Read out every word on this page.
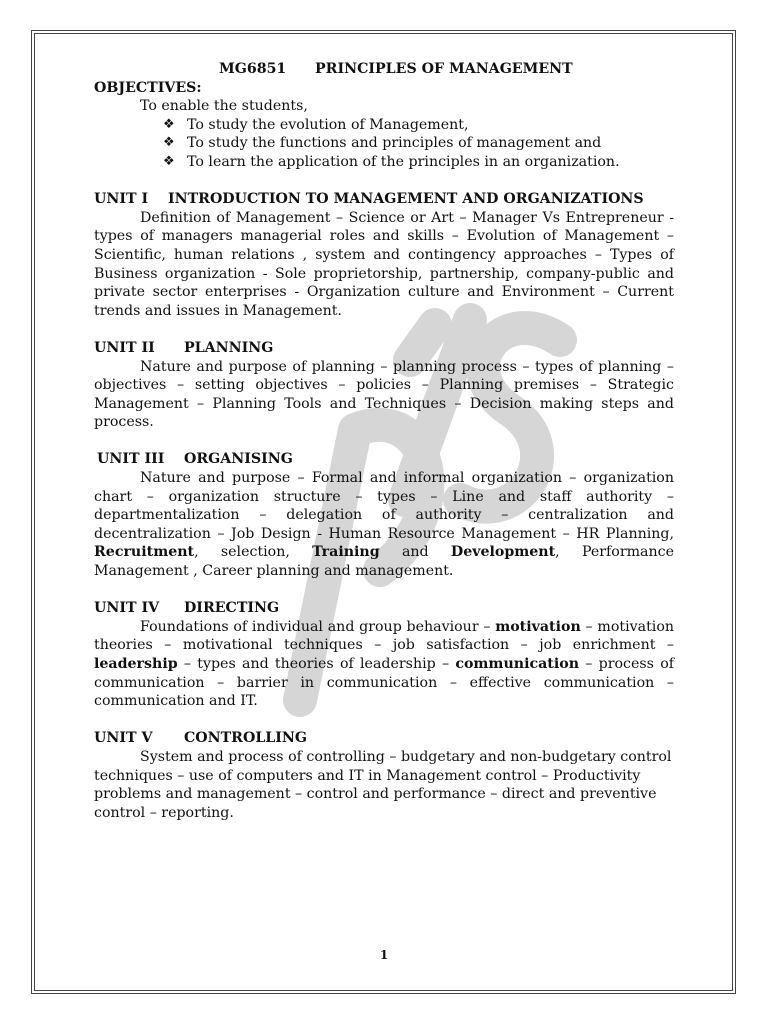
MG6851 PRINCIPLES OF MANAGEMENT
OBJECTIVES:
To enable the students,
❖ To study the evolution of Management,
❖ To study the functions and principles of management and
❖ To learn the application of the principles in an organization.
UNIT I INTRODUCTION TO MANAGEMENT AND ORGANIZATIONS
Definition of Management – Science or Art – Manager Vs Entrepreneur - types of managers managerial roles and skills – Evolution of Management – Scientific, human relations , system and contingency approaches – Types of Business organization - Sole proprietorship, partnership, company-public and private sector enterprises - Organization culture and Environment – Current trends and issues in Management.
UNIT II PLANNING
Nature and purpose of planning – planning process – types of planning – objectives – setting objectives – policies – Planning premises – Strategic Management – Planning Tools and Techniques – Decision making steps and process.
UNIT III ORGANISING
Nature and purpose – Formal and informal organization – organization chart – organization structure – types – Line and staff authority – departmentalization – delegation of authority – centralization and decentralization – Job Design - Human Resource Management – HR Planning, Recruitment, selection, Training and Development, Performance Management , Career planning and management.
UNIT IV DIRECTING
Foundations of individual and group behaviour – motivation – motivation theories – motivational techniques – job satisfaction – job enrichment – leadership – types and theories of leadership – communication – process of communication – barrier in communication – effective communication – communication and IT.
UNIT V CONTROLLING
System and process of controlling – budgetary and non-budgetary control techniques – use of computers and IT in Management control – Productivity problems and management – control and performance – direct and preventive control – reporting.
1
